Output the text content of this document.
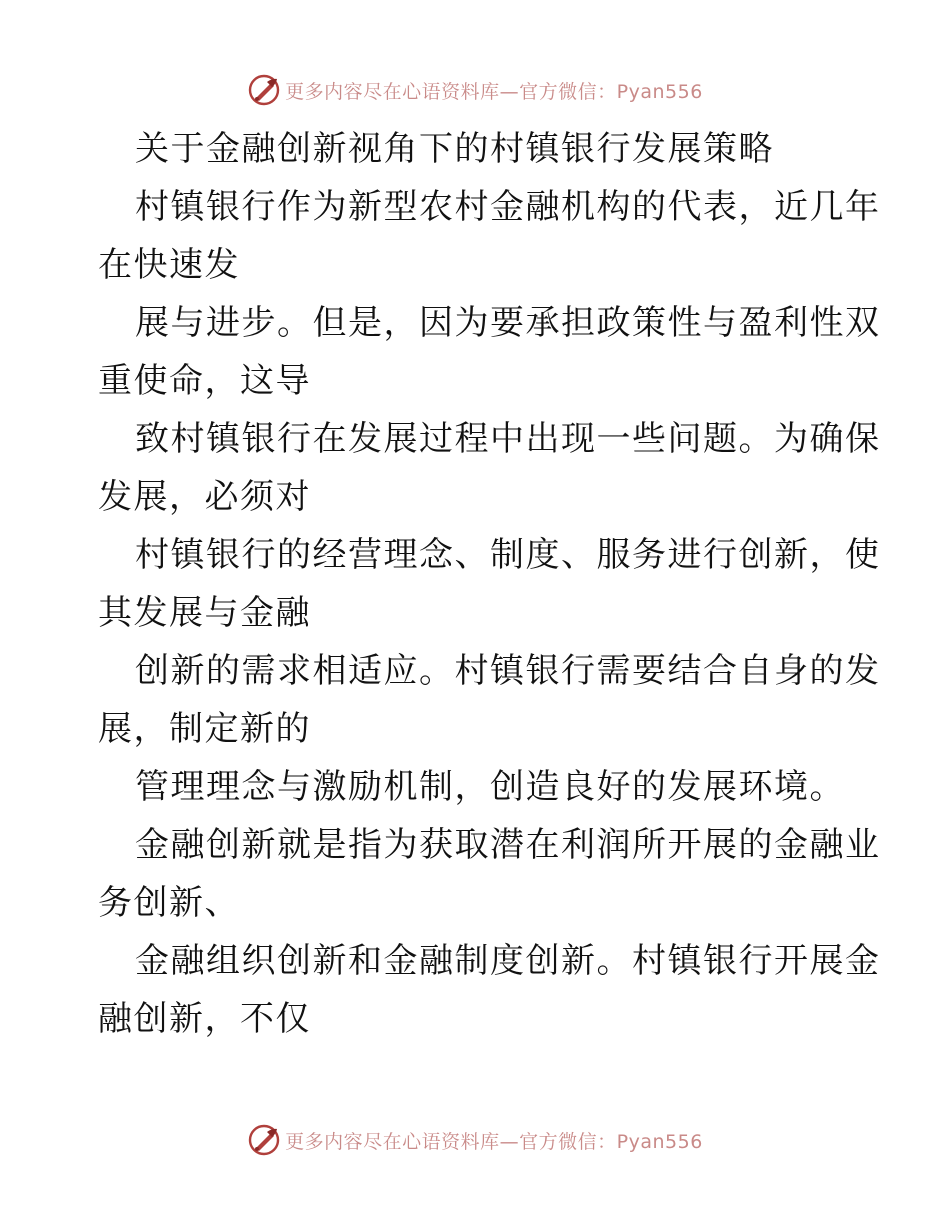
更多内容尽在心语资料库—官方微信：Pyan556

关于金融创新视角下的村镇银行发展策略

村镇银行作为新型农村金融机构的代表，近几年
在快速发

展与进步。但是，因为要承担政策性与盈利性双
重使命，这导

致村镇银行在发展过程中出现一些问题。为确保
发展，必须对

村镇银行的经营理念、制度、服务进行创新，使
其发展与金融

创新的需求相适应。村镇银行需要结合自身的发
展，制定新的

管理理念与激励机制，创造良好的发展环境。

金融创新就是指为获取潜在利润所开展的金融业
务创新、

金融组织创新和金融制度创新。村镇银行开展金
融创新，不仅

更多内容尽在心语资料库—官方微信：Pyan556
